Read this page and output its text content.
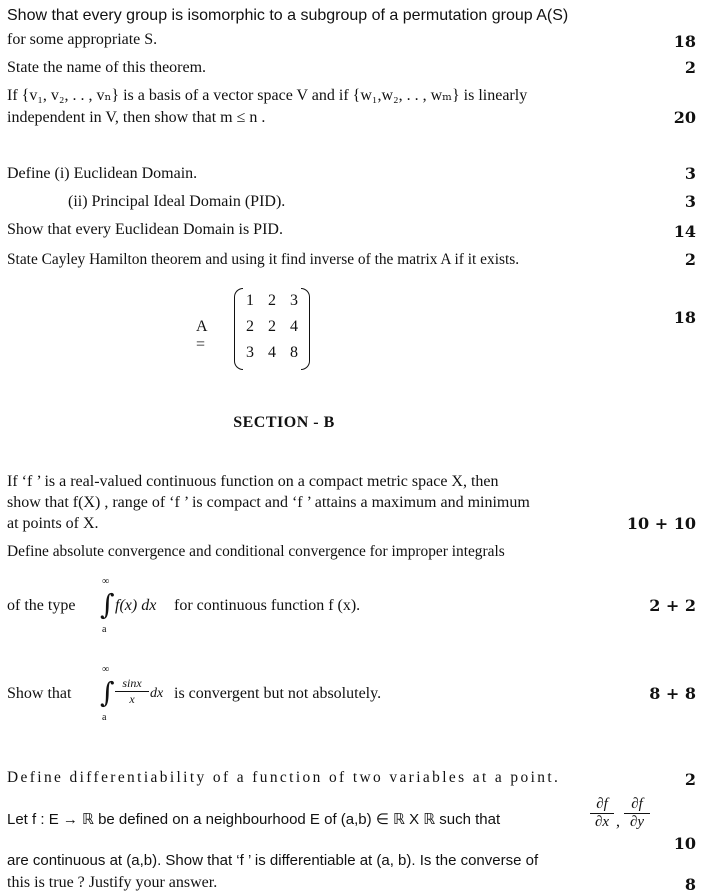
Show that every group is isomorphic to a subgroup of a permutation group A(S)
for some appropriate S.	18
State the name of this theorem.	2
If {v₁, v₂, . . , vₙ} is a basis of a vector space V and if {w₁,w₂, . . , wₘ} is linearly
independent in V, then show that m ≤ n .	20
Define (i) Euclidean Domain.	3
(ii) Principal Ideal Domain (PID).	3
Show that every Euclidean Domain is PID.	14
State Cayley Hamilton theorem and using it find inverse of the matrix A if it exists.	2
A =
1 2 3
2 2 4
3 4 8
18
SECTION - B
If ‘f ’ is a real-valued continuous function on a compact metric space X, then
show that f(X) , range of ‘f ’ is compact and ‘f ’ attains a maximum and minimum
at points of X.	10 + 10
Define absolute convergence and conditional convergence for improper integrals
of the type
∞
∫
a
f(x) dx for continuous function f (x).	2 + 2
Show that
∞
∫
a
$\frac{\sin x}{x}$ dx is convergent but not absolutely.	8 + 8
Define differentiability of a function of two variables at a point.	2
Let f : E → ℝ be defined on a neighbourhood E of (a,b) ∈ ℝ X ℝ such that	$\frac{\partial f}{\partial x}$ , $\frac{\partial f}{\partial y}$
10
are continuous at (a,b). Show that ‘f ’ is differentiable at (a, b). Is the converse of
this is true ? Justify your answer.	8
